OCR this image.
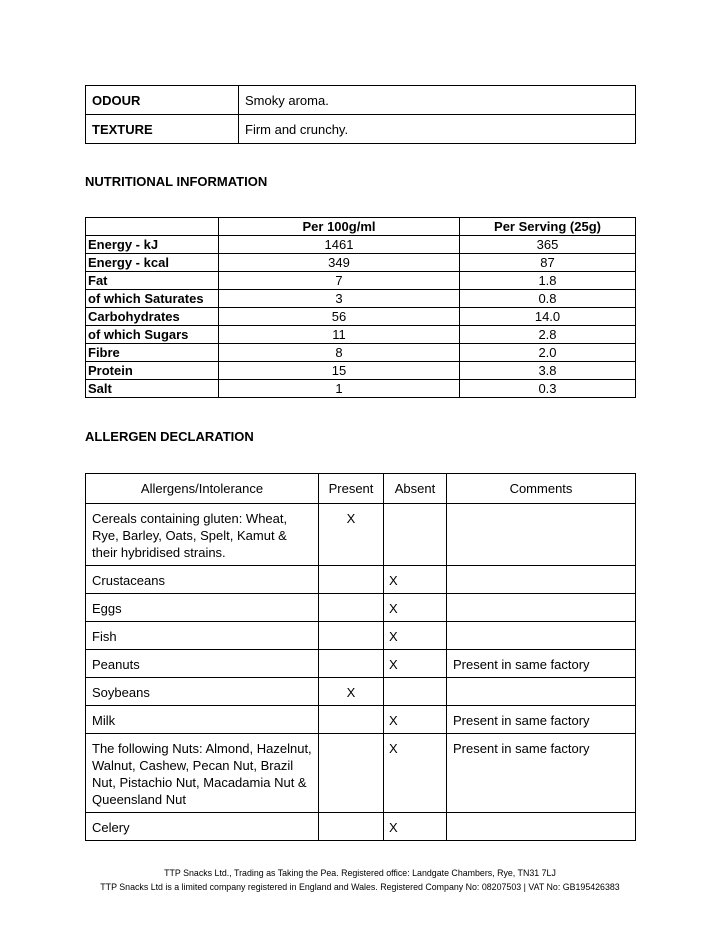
ODOUR	Smoky aroma.
TEXTURE	Firm and crunchy.
NUTRITIONAL INFORMATION
	Per 100g/ml	Per Serving (25g)
Energy - kJ	1461	365
Energy - kcal	349	87
Fat	7	1.8
of which Saturates	3	0.8
Carbohydrates	56	14.0
of which Sugars	11	2.8
Fibre	8	2.0
Protein	15	3.8
Salt	1	0.3
ALLERGEN DECLARATION
Allergens/Intolerance	Present	Absent	Comments
Cereals containing gluten: Wheat, Rye, Barley, Oats, Spelt, Kamut & their hybridised strains.	X		
Crustaceans		X	
Eggs		X	
Fish		X	
Peanuts		X	Present in same factory
Soybeans	X		
Milk		X	Present in same factory
The following Nuts: Almond, Hazelnut, Walnut, Cashew, Pecan Nut, Brazil Nut, Pistachio Nut, Macadamia Nut & Queensland Nut		X	Present in same factory
Celery		X	
TTP Snacks Ltd., Trading as Taking the Pea. Registered office: Landgate Chambers, Rye, TN31 7LJ
TTP Snacks Ltd is a limited company registered in England and Wales. Registered Company No: 08207503 | VAT No: GB195426383
